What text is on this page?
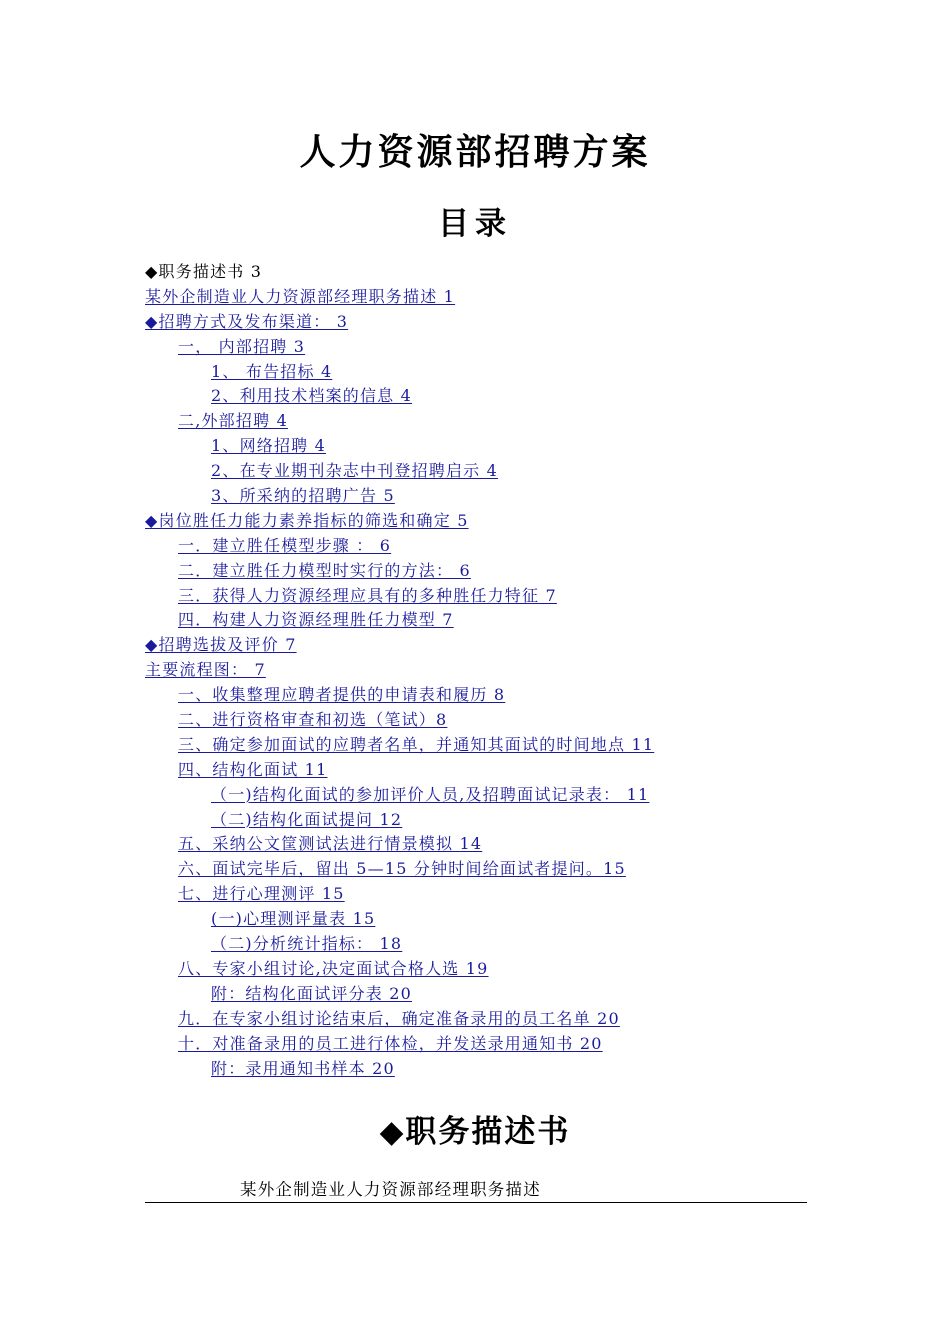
人力资源部招聘方案
目录
◆职务描述书 3
某外企制造业人力资源部经理职务描述 1
◆招聘方式及发布渠道： 3
一， 内部招聘 3
1、 布告招标 4
2、利用技术档案的信息 4
二,外部招聘 4
1、网络招聘 4
2、在专业期刊杂志中刊登招聘启示 4
3、所采纳的招聘广告 5
◆岗位胜任力能力素养指标的筛选和确定 5
一．建立胜任模型步骤 ： 6
二．建立胜任力模型时实行的方法： 6
三．获得人力资源经理应具有的多种胜任力特征 7
四．构建人力资源经理胜任力模型 7
◆招聘选拔及评价 7
主要流程图： 7
一、收集整理应聘者提供的申请表和履历 8
二、进行资格审查和初选（笔试）8
三、确定参加面试的应聘者名单，并通知其面试的时间地点 11
四、结构化面试 11
（一)结构化面试的参加评价人员,及招聘面试记录表： 11
（二)结构化面试提问 12
五、采纳公文筐测试法进行情景模拟 14
六、面试完毕后，留出 5—15 分钟时间给面试者提问。15
七、进行心理测评 15
(一)心理测评量表 15
（二)分析统计指标： 18
八、专家小组讨论,决定面试合格人选 19
附：结构化面试评分表 20
九．在专家小组讨论结束后，确定准备录用的员工名单 20
十．对准备录用的员工进行体检，并发送录用通知书 20
附：录用通知书样本 20
◆职务描述书
某外企制造业人力资源部经理职务描述
